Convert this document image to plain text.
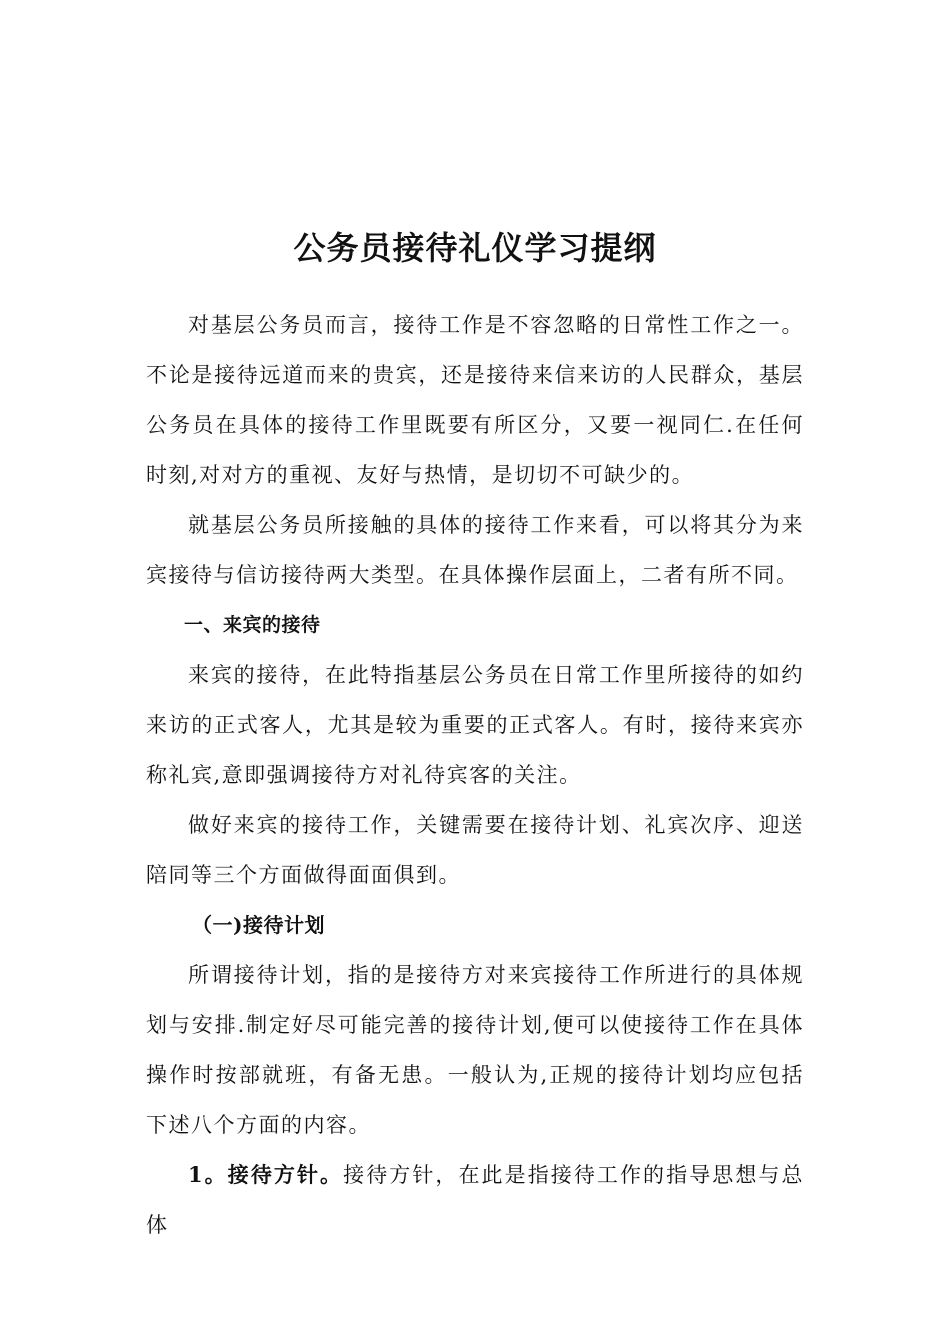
公务员接待礼仪学习提纲

对基层公务员而言，接待工作是不容忽略的日常性工作之一。不论是接待远道而来的贵宾，还是接待来信来访的人民群众，基层公务员在具体的接待工作里既要有所区分，又要一视同仁.在任何时刻,对对方的重视、友好与热情，是切切不可缺少的。

就基层公务员所接触的具体的接待工作来看，可以将其分为来宾接待与信访接待两大类型。在具体操作层面上，二者有所不同。

一、来宾的接待

来宾的接待，在此特指基层公务员在日常工作里所接待的如约来访的正式客人，尤其是较为重要的正式客人。有时，接待来宾亦称礼宾,意即强调接待方对礼待宾客的关注。

做好来宾的接待工作，关键需要在接待计划、礼宾次序、迎送陪同等三个方面做得面面俱到。

（一)接待计划

所谓接待计划，指的是接待方对来宾接待工作所进行的具体规划与安排.制定好尽可能完善的接待计划,便可以使接待工作在具体操作时按部就班，有备无患。一般认为,正规的接待计划均应包括下述八个方面的内容。

1。接待方针。接待方针，在此是指接待工作的指导思想与总体
